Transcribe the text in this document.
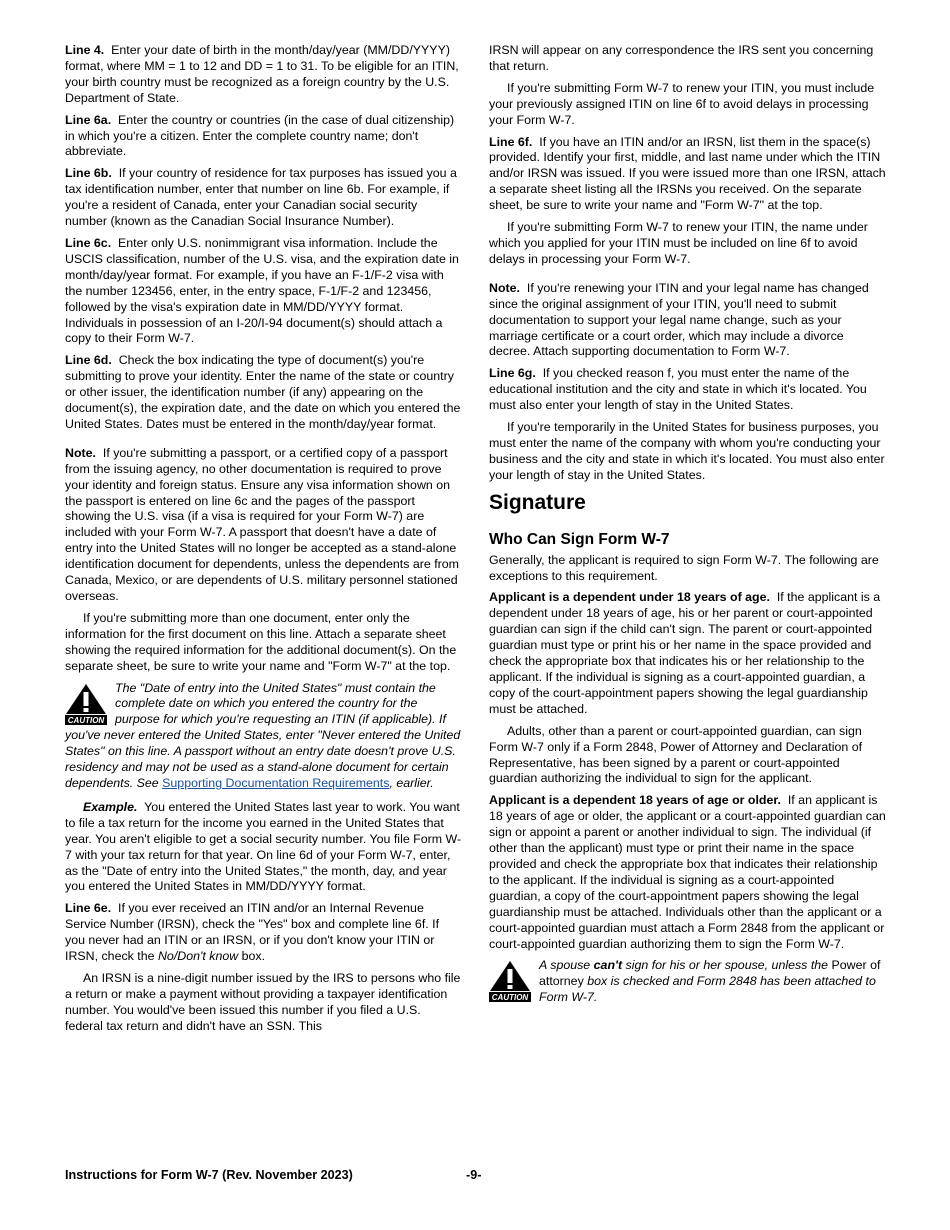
Line 4. Enter your date of birth in the month/day/year (MM/DD/YYYY) format, where MM = 1 to 12 and DD = 1 to 31. To be eligible for an ITIN, your birth country must be recognized as a foreign country by the U.S. Department of State.

Line 6a. Enter the country or countries (in the case of dual citizenship) in which you're a citizen. Enter the complete country name; don't abbreviate.

Line 6b. If your country of residence for tax purposes has issued you a tax identification number, enter that number on line 6b. For example, if you're a resident of Canada, enter your Canadian social security number (known as the Canadian Social Insurance Number).

Line 6c. Enter only U.S. nonimmigrant visa information. Include the USCIS classification, number of the U.S. visa, and the expiration date in month/day/year format. For example, if you have an F-1/F-2 visa with the number 123456, enter, in the entry space, F-1/F-2 and 123456, followed by the visa's expiration date in MM/DD/YYYY format. Individuals in possession of an I-20/I-94 document(s) should attach a copy to their Form W-7.

Line 6d. Check the box indicating the type of document(s) you're submitting to prove your identity. Enter the name of the state or country or other issuer, the identification number (if any) appearing on the document(s), the expiration date, and the date on which you entered the United States. Dates must be entered in the month/day/year format.

Note. If you're submitting a passport, or a certified copy of a passport from the issuing agency, no other documentation is required to prove your identity and foreign status. Ensure any visa information shown on the passport is entered on line 6c and the pages of the passport showing the U.S. visa (if a visa is required for your Form W-7) are included with your Form W-7. A passport that doesn't have a date of entry into the United States will no longer be accepted as a stand-alone identification document for dependents, unless the dependents are from Canada, Mexico, or are dependents of U.S. military personnel stationed overseas.

If you're submitting more than one document, enter only the information for the first document on this line. Attach a separate sheet showing the required information for the additional document(s). On the separate sheet, be sure to write your name and "Form W-7" at the top.

CAUTION
The "Date of entry into the United States" must contain the complete date on which you entered the country for the purpose for which you're requesting an ITIN (if applicable). If you've never entered the United States, enter "Never entered the United States" on this line. A passport without an entry date doesn't prove U.S. residency and may not be used as a stand-alone document for certain dependents. See Supporting Documentation Requirements, earlier.

Example. You entered the United States last year to work. You want to file a tax return for the income you earned in the United States that year. You aren't eligible to get a social security number. You file Form W-7 with your tax return for that year. On line 6d of your Form W-7, enter, as the "Date of entry into the United States," the month, day, and year you entered the United States in MM/DD/YYYY format.

Line 6e. If you ever received an ITIN and/or an Internal Revenue Service Number (IRSN), check the "Yes" box and complete line 6f. If you never had an ITIN or an IRSN, or if you don't know your ITIN or IRSN, check the No/Don't know box.

An IRSN is a nine-digit number issued by the IRS to persons who file a return or make a payment without providing a taxpayer identification number. You would've been issued this number if you filed a U.S. federal tax return and didn't have an SSN. This

IRSN will appear on any correspondence the IRS sent you concerning that return.

If you're submitting Form W-7 to renew your ITIN, you must include your previously assigned ITIN on line 6f to avoid delays in processing your Form W-7.

Line 6f. If you have an ITIN and/or an IRSN, list them in the space(s) provided. Identify your first, middle, and last name under which the ITIN and/or IRSN was issued. If you were issued more than one IRSN, attach a separate sheet listing all the IRSNs you received. On the separate sheet, be sure to write your name and "Form W-7" at the top.

If you're submitting Form W-7 to renew your ITIN, the name under which you applied for your ITIN must be included on line 6f to avoid delays in processing your Form W-7.

Note. If you're renewing your ITIN and your legal name has changed since the original assignment of your ITIN, you'll need to submit documentation to support your legal name change, such as your marriage certificate or a court order, which may include a divorce decree. Attach supporting documentation to Form W-7.

Line 6g. If you checked reason f, you must enter the name of the educational institution and the city and state in which it's located. You must also enter your length of stay in the United States.

If you're temporarily in the United States for business purposes, you must enter the name of the company with whom you're conducting your business and the city and state in which it's located. You must also enter your length of stay in the United States.

Signature
Who Can Sign Form W-7

Generally, the applicant is required to sign Form W-7. The following are exceptions to this requirement.

Applicant is a dependent under 18 years of age. If the applicant is a dependent under 18 years of age, his or her parent or court-appointed guardian can sign if the child can't sign. The parent or court-appointed guardian must type or print his or her name in the space provided and check the appropriate box that indicates his or her relationship to the applicant. If the individual is signing as a court-appointed guardian, a copy of the court-appointment papers showing the legal guardianship must be attached.

Adults, other than a parent or court-appointed guardian, can sign Form W-7 only if a Form 2848, Power of Attorney and Declaration of Representative, has been signed by a parent or court-appointed guardian authorizing the individual to sign for the applicant.

Applicant is a dependent 18 years of age or older. If an applicant is 18 years of age or older, the applicant or a court-appointed guardian can sign or appoint a parent or another individual to sign. The individual (if other than the applicant) must type or print their name in the space provided and check the appropriate box that indicates their relationship to the applicant. If the individual is signing as a court-appointed guardian, a copy of the court-appointment papers showing the legal guardianship must be attached. Individuals other than the applicant or a court-appointed guardian must attach a Form 2848 from the applicant or court-appointed guardian authorizing them to sign the Form W-7.

CAUTION
A spouse can't sign for his or her spouse, unless the Power of attorney box is checked and Form 2848 has been attached to Form W-7.
Instructions for Form W-7 (Rev. November 2023)	-9-
